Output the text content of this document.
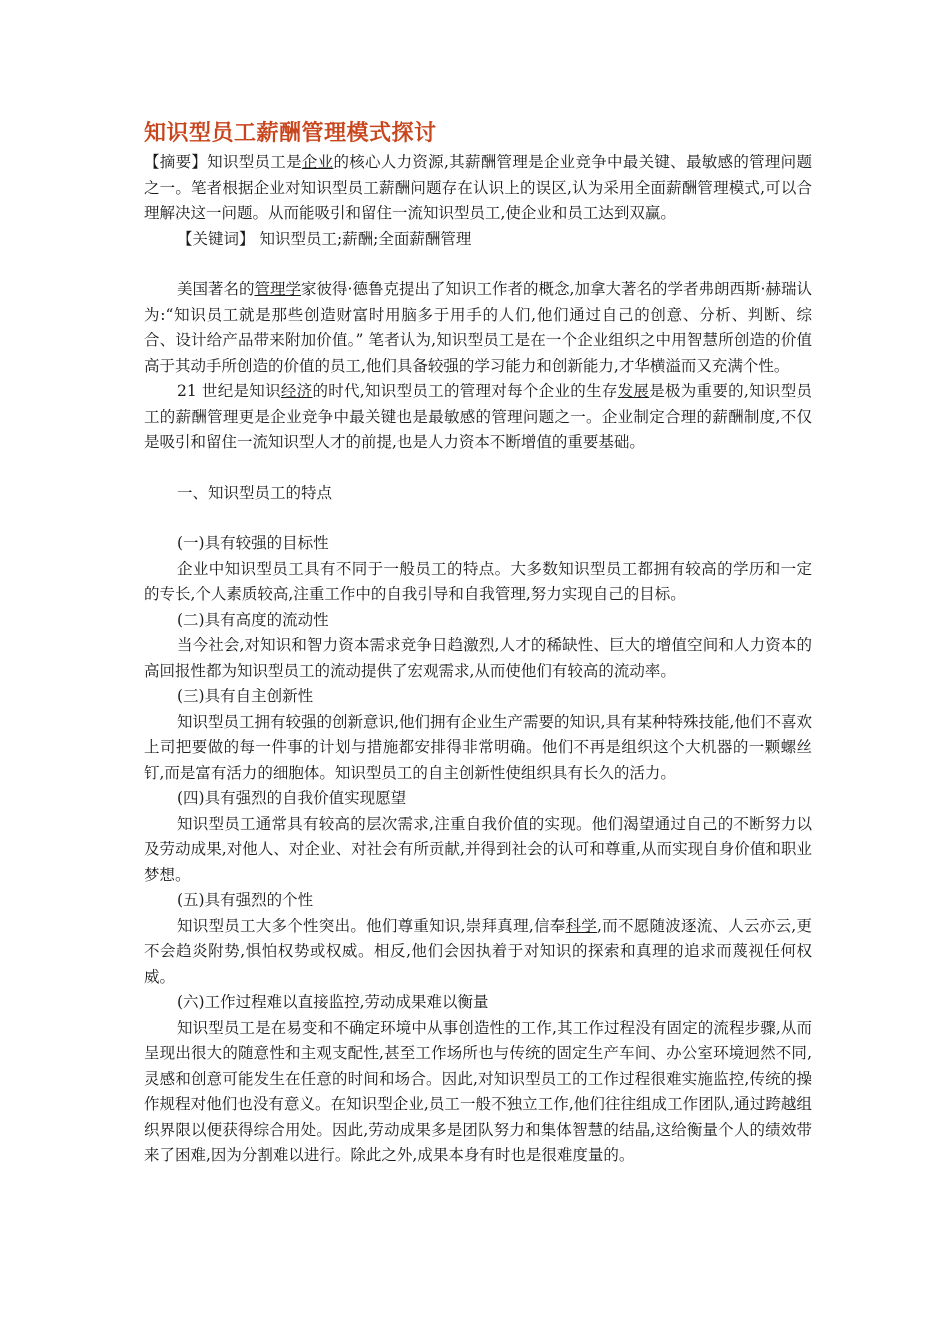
知识型员工薪酬管理模式探讨

【摘要】知识型员工是企业的核心人力资源,其薪酬管理是企业竞争中最关键、最敏感的管理问题之一。笔者根据企业对知识型员工薪酬问题存在认识上的误区,认为采用全面薪酬管理模式,可以合理解决这一问题。从而能吸引和留住一流知识型员工,使企业和员工达到双赢。

【关键词】 知识型员工;薪酬;全面薪酬管理

美国著名的管理学家彼得·德鲁克提出了知识工作者的概念,加拿大著名的学者弗朗西斯·赫瑞认为:“知识员工就是那些创造财富时用脑多于用手的人们,他们通过自己的创意、分析、判断、综合、设计给产品带来附加价值。” 笔者认为,知识型员工是在一个企业组织之中用智慧所创造的价值高于其动手所创造的价值的员工,他们具备较强的学习能力和创新能力,才华横溢而又充满个性。

21 世纪是知识经济的时代,知识型员工的管理对每个企业的生存发展是极为重要的,知识型员工的薪酬管理更是企业竞争中最关键也是最敏感的管理问题之一。企业制定合理的薪酬制度,不仅是吸引和留住一流知识型人才的前提,也是人力资本不断增值的重要基础。

一、知识型员工的特点

(一)具有较强的目标性

企业中知识型员工具有不同于一般员工的特点。大多数知识型员工都拥有较高的学历和一定的专长,个人素质较高,注重工作中的自我引导和自我管理,努力实现自己的目标。

(二)具有高度的流动性

当今社会,对知识和智力资本需求竞争日趋激烈,人才的稀缺性、巨大的增值空间和人力资本的高回报性都为知识型员工的流动提供了宏观需求,从而使他们有较高的流动率。

(三)具有自主创新性

知识型员工拥有较强的创新意识,他们拥有企业生产需要的知识,具有某种特殊技能,他们不喜欢上司把要做的每一件事的计划与措施都安排得非常明确。他们不再是组织这个大机器的一颗螺丝钉,而是富有活力的细胞体。知识型员工的自主创新性使组织具有长久的活力。

(四)具有强烈的自我价值实现愿望

知识型员工通常具有较高的层次需求,注重自我价值的实现。他们渴望通过自己的不断努力以及劳动成果,对他人、对企业、对社会有所贡献,并得到社会的认可和尊重,从而实现自身价值和职业梦想。

(五)具有强烈的个性

知识型员工大多个性突出。他们尊重知识,崇拜真理,信奉科学,而不愿随波逐流、人云亦云,更不会趋炎附势,惧怕权势或权威。相反,他们会因执着于对知识的探索和真理的追求而蔑视任何权威。

(六)工作过程难以直接监控,劳动成果难以衡量

知识型员工是在易变和不确定环境中从事创造性的工作,其工作过程没有固定的流程步骤,从而呈现出很大的随意性和主观支配性,甚至工作场所也与传统的固定生产车间、办公室环境迥然不同,灵感和创意可能发生在任意的时间和场合。因此,对知识型员工的工作过程很难实施监控,传统的操作规程对他们也没有意义。在知识型企业,员工一般不独立工作,他们往往组成工作团队,通过跨越组织界限以便获得综合用处。因此,劳动成果多是团队努力和集体智慧的结晶,这给衡量个人的绩效带来了困难,因为分割难以进行。除此之外,成果本身有时也是很难度量的。
